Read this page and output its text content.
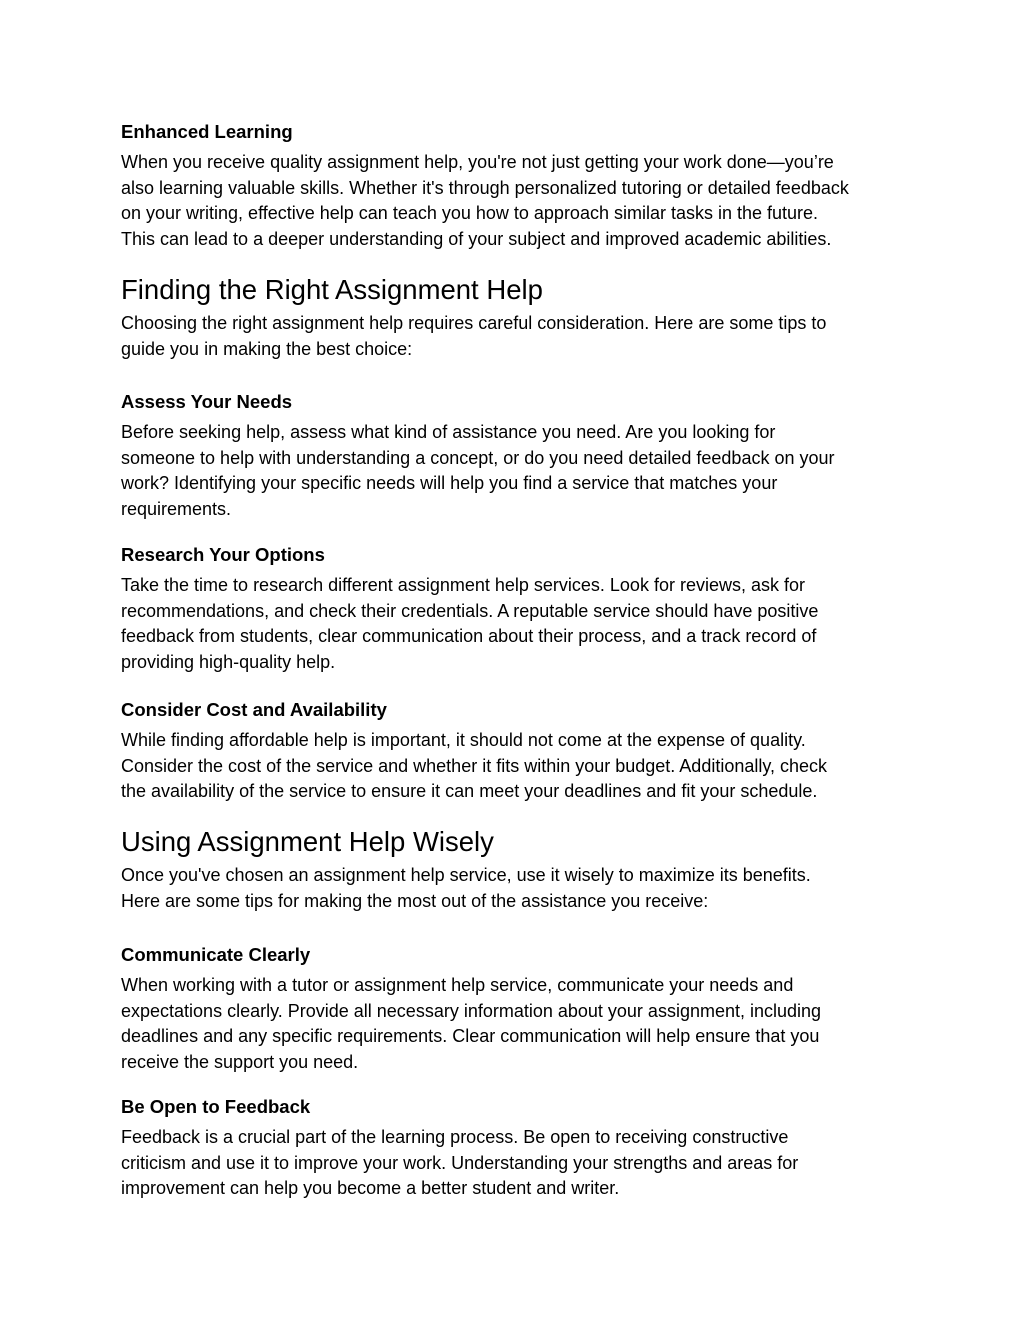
Enhanced Learning

When you receive quality assignment help, you're not just getting your work done—you’re
also learning valuable skills. Whether it's through personalized tutoring or detailed feedback
on your writing, effective help can teach you how to approach similar tasks in the future.
This can lead to a deeper understanding of your subject and improved academic abilities.

Finding the Right Assignment Help

Choosing the right assignment help requires careful consideration. Here are some tips to
guide you in making the best choice:

Assess Your Needs

Before seeking help, assess what kind of assistance you need. Are you looking for
someone to help with understanding a concept, or do you need detailed feedback on your
work? Identifying your specific needs will help you find a service that matches your
requirements.

Research Your Options

Take the time to research different assignment help services. Look for reviews, ask for
recommendations, and check their credentials. A reputable service should have positive
feedback from students, clear communication about their process, and a track record of
providing high-quality help.

Consider Cost and Availability

While finding affordable help is important, it should not come at the expense of quality.
Consider the cost of the service and whether it fits within your budget. Additionally, check
the availability of the service to ensure it can meet your deadlines and fit your schedule.

Using Assignment Help Wisely

Once you've chosen an assignment help service, use it wisely to maximize its benefits.
Here are some tips for making the most out of the assistance you receive:

Communicate Clearly

When working with a tutor or assignment help service, communicate your needs and
expectations clearly. Provide all necessary information about your assignment, including
deadlines and any specific requirements. Clear communication will help ensure that you
receive the support you need.

Be Open to Feedback

Feedback is a crucial part of the learning process. Be open to receiving constructive
criticism and use it to improve your work. Understanding your strengths and areas for
improvement can help you become a better student and writer.
